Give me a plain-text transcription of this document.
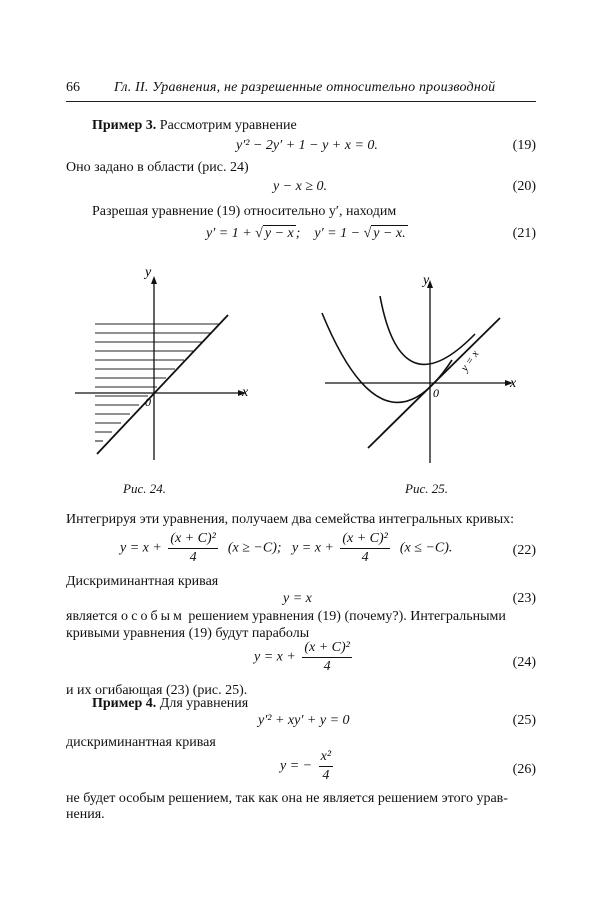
66 Гл. II. Уравнения, не разрешенные относительно производной
Пример 3. Рассмотрим уравнение
y′² − 2y′ + 1 − y + x = 0.	(19)
Оно задано в области (рис. 24)
y − x ≥ 0.	(20)
Разрешая уравнение (19) относительно y′, находим
y′ = 1 + √ y − x ;    y′ = 1 − √ y − x.	(21)
x
y
0
Рис. 24.
x
y
0
y = x
Рис. 25.
Интегрируя эти уравнения, получаем два семейства интегральных кривых:
$y = x + \frac{\text{(x + C)²}}{4} (x \ge -C)$; $y = x + \frac{\text{(x + C)²}}{4} (x \le -C)$.	(22)
Дискриминантная кривая
y = x	(23)
является особым решением уравнения (19) (почему?). Интегральными
кривыми уравнения (19) будут параболы
$y = x + \frac{\text{(x + C)²}}{4}$	(24)
и их огибающая (23) (рис. 25).
Пример 4. Для уравнения
y′² + xy′ + y = 0	(25)
дискриминантная кривая
y = − $\frac{\text{x²}}{4}$	(26)
не будет особым решением, так как она не является решением этого урав-
нения.
